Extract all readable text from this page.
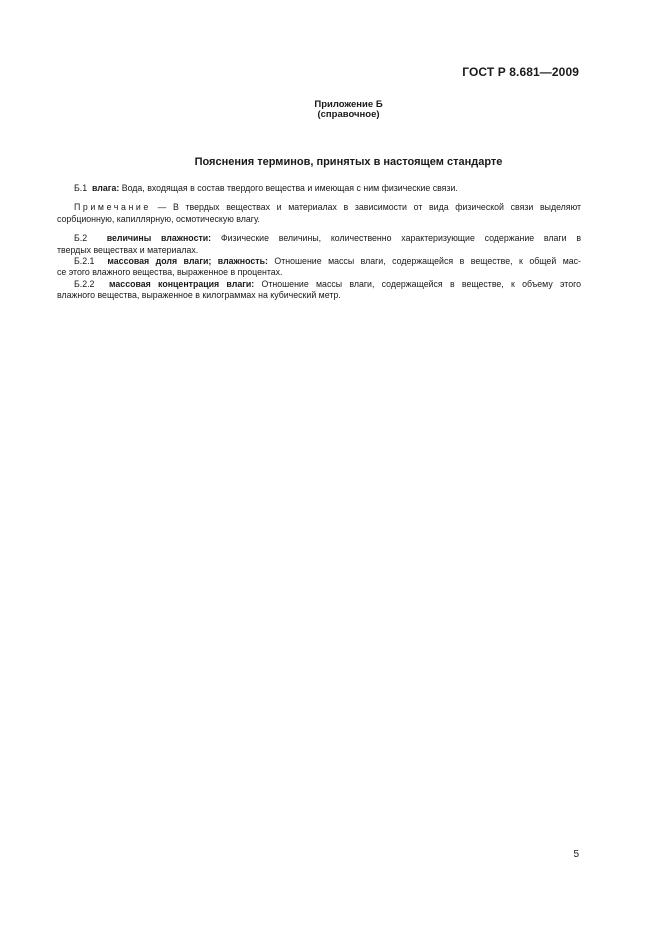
ГОСТ Р 8.681—2009
Приложение Б
(справочное)
Пояснения терминов, принятых в настоящем стандарте
Б.1 влага: Вода, входящая в состав твердого вещества и имеющая с ним физические связи.
Примечание — В твердых веществах и материалах в зависимости от вида физической связи выделяют
сорбционную, капиллярную, осмотическую влагу.
Б.2 величины влажности: Физические величины, количественно характеризующие содержание влаги в
твердых веществах и материалах.
Б.2.1 массовая доля влаги; влажность: Отношение массы влаги, содержащейся в веществе, к общей мас-
се этого влажного вещества, выраженное в процентах.
Б.2.2 массовая концентрация влаги: Отношение массы влаги, содержащейся в веществе, к объему этого
влажного вещества, выраженное в килограммах на кубический метр.
5
